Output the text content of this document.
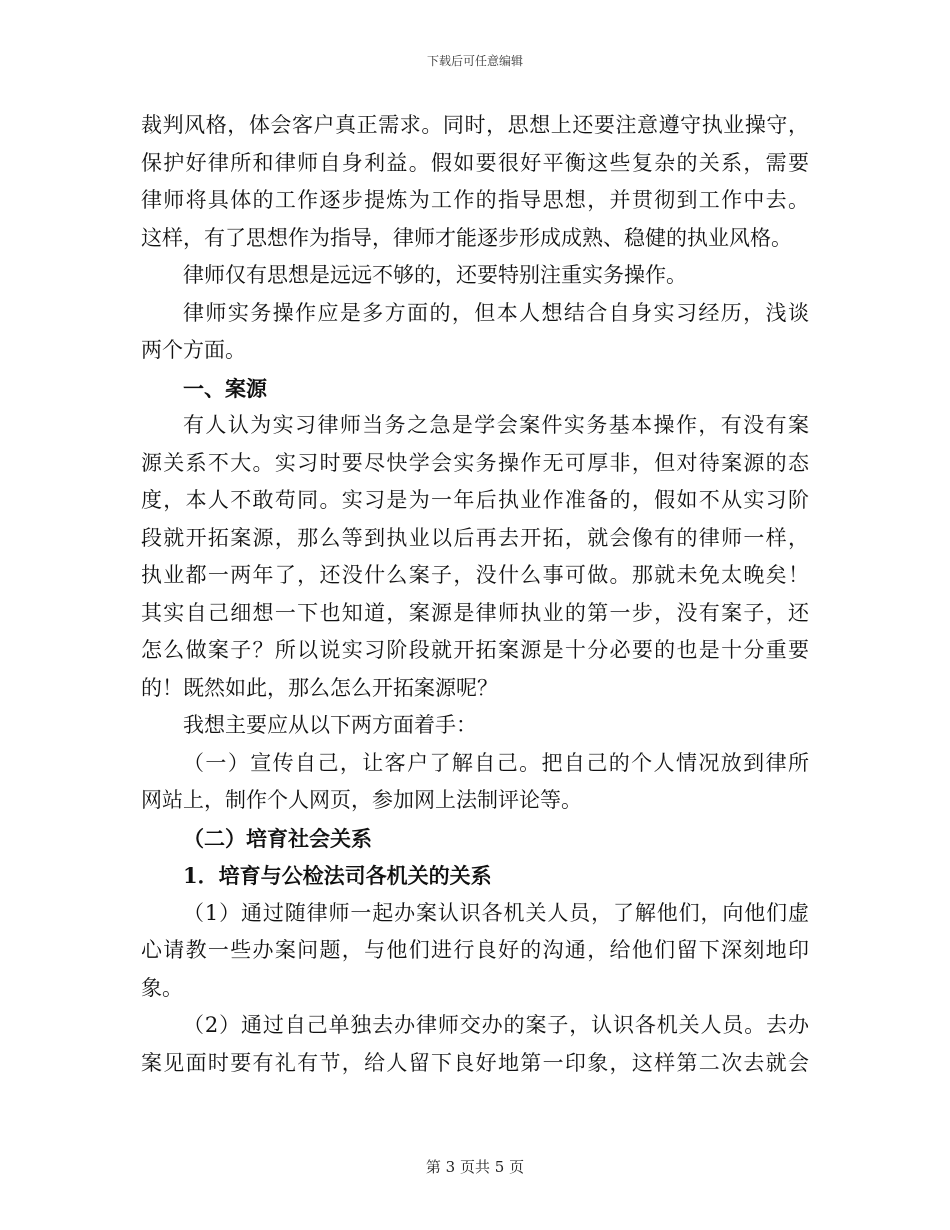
下载后可任意编辑
裁判风格，体会客户真正需求。同时，思想上还要注意遵守执业操守，
保护好律所和律师自身利益。假如要很好平衡这些复杂的关系，需要
律师将具体的工作逐步提炼为工作的指导思想，并贯彻到工作中去。
这样，有了思想作为指导，律师才能逐步形成成熟、稳健的执业风格。
律师仅有思想是远远不够的，还要特别注重实务操作。
律师实务操作应是多方面的，但本人想结合自身实习经历，浅谈
两个方面。
一、案源
有人认为实习律师当务之急是学会案件实务基本操作，有没有案
源关系不大。实习时要尽快学会实务操作无可厚非，但对待案源的态
度，本人不敢苟同。实习是为一年后执业作准备的，假如不从实习阶
段就开拓案源，那么等到执业以后再去开拓，就会像有的律师一样，
执业都一两年了，还没什么案子，没什么事可做。那就未免太晚矣！
其实自己细想一下也知道，案源是律师执业的第一步，没有案子，还
怎么做案子？所以说实习阶段就开拓案源是十分必要的也是十分重要
的！既然如此，那么怎么开拓案源呢？
我想主要应从以下两方面着手：
（一）宣传自己，让客户了解自己。把自己的个人情况放到律所
网站上，制作个人网页，参加网上法制评论等。
（二）培育社会关系
1．培育与公检法司各机关的关系
（1）通过随律师一起办案认识各机关人员，了解他们，向他们虚
心请教一些办案问题，与他们进行良好的沟通，给他们留下深刻地印
象。
（2）通过自己单独去办律师交办的案子，认识各机关人员。去办
案见面时要有礼有节，给人留下良好地第一印象，这样第二次去就会
第 3 页共 5 页
